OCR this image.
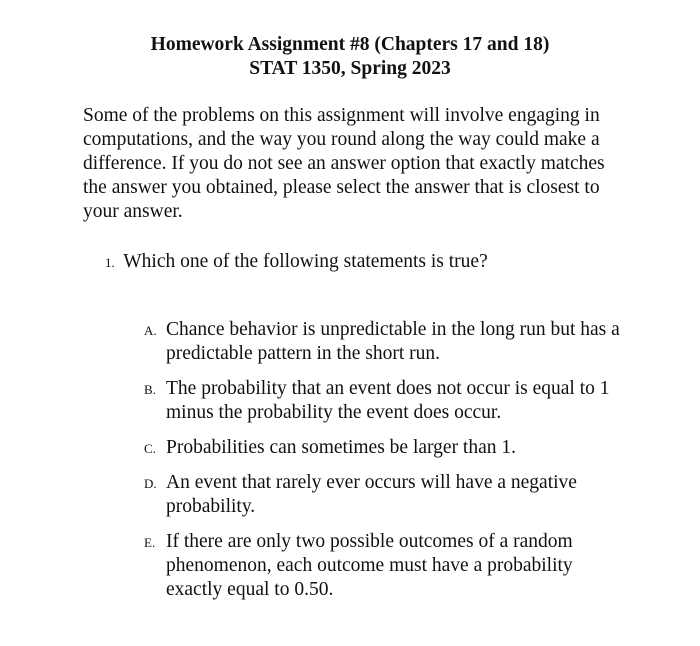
Homework Assignment #8 (Chapters 17 and 18)
STAT 1350, Spring 2023

Some of the problems on this assignment will involve engaging in computations, and the way you round along the way could make a difference. If you do not see an answer option that exactly matches the answer you obtained, please select the answer that is closest to your answer.

1. Which one of the following statements is true?
A. Chance behavior is unpredictable in the long run but has a predictable pattern in the short run.
B. The probability that an event does not occur is equal to 1 minus the probability the event does occur.
C. Probabilities can sometimes be larger than 1.
D. An event that rarely ever occurs will have a negative probability.
E. If there are only two possible outcomes of a random phenomenon, each outcome must have a probability exactly equal to 0.50.
